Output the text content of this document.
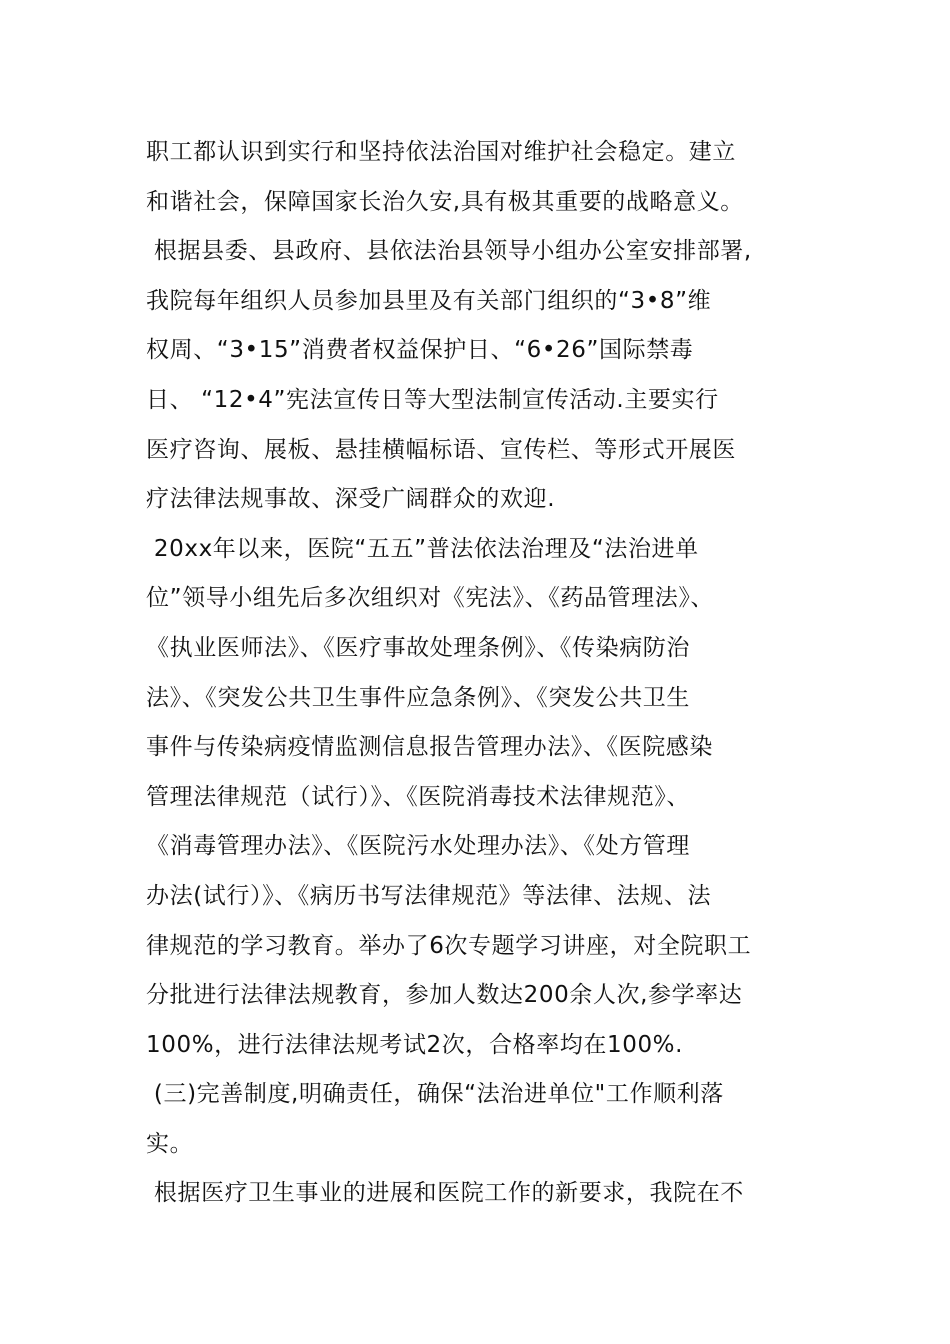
职工都认识到实行和坚持依法治国对维护社会稳定。建立
和谐社会，保障国家长治久安,具有极其重要的战略意义。
根据县委、县政府、县依法治县领导小组办公室安排部署,
我院每年组织人员参加县里及有关部门组织的“3•8”维
权周、“3•15”消费者权益保护日、“6•26”国际禁毒
日、 “12•4”宪法宣传日等大型法制宣传活动.主要实行
医疗咨询、展板、悬挂横幅标语、宣传栏、等形式开展医
疗法律法规事故、深受广阔群众的欢迎.
20xx年以来，医院“五五”普法依法治理及“法治进单
位”领导小组先后多次组织对《宪法》、《药品管理法》、
《执业医师法》、《医疗事故处理条例》、《传染病防治
法》、《突发公共卫生事件应急条例》、《突发公共卫生
事件与传染病疫情监测信息报告管理办法》、《医院感染
管理法律规范（试行）》、《医院消毒技术法律规范》、
《消毒管理办法》、《医院污水处理办法》、《处方管理
办法(试行）》、《病历书写法律规范》等法律、法规、法
律规范的学习教育。举办了6次专题学习讲座，对全院职工
分批进行法律法规教育，参加人数达200余人次,参学率达
100%，进行法律法规考试2次，合格率均在100%.
(三)完善制度,明确责任，确保“法治进单位"工作顺利落
实。
根据医疗卫生事业的进展和医院工作的新要求，我院在不
